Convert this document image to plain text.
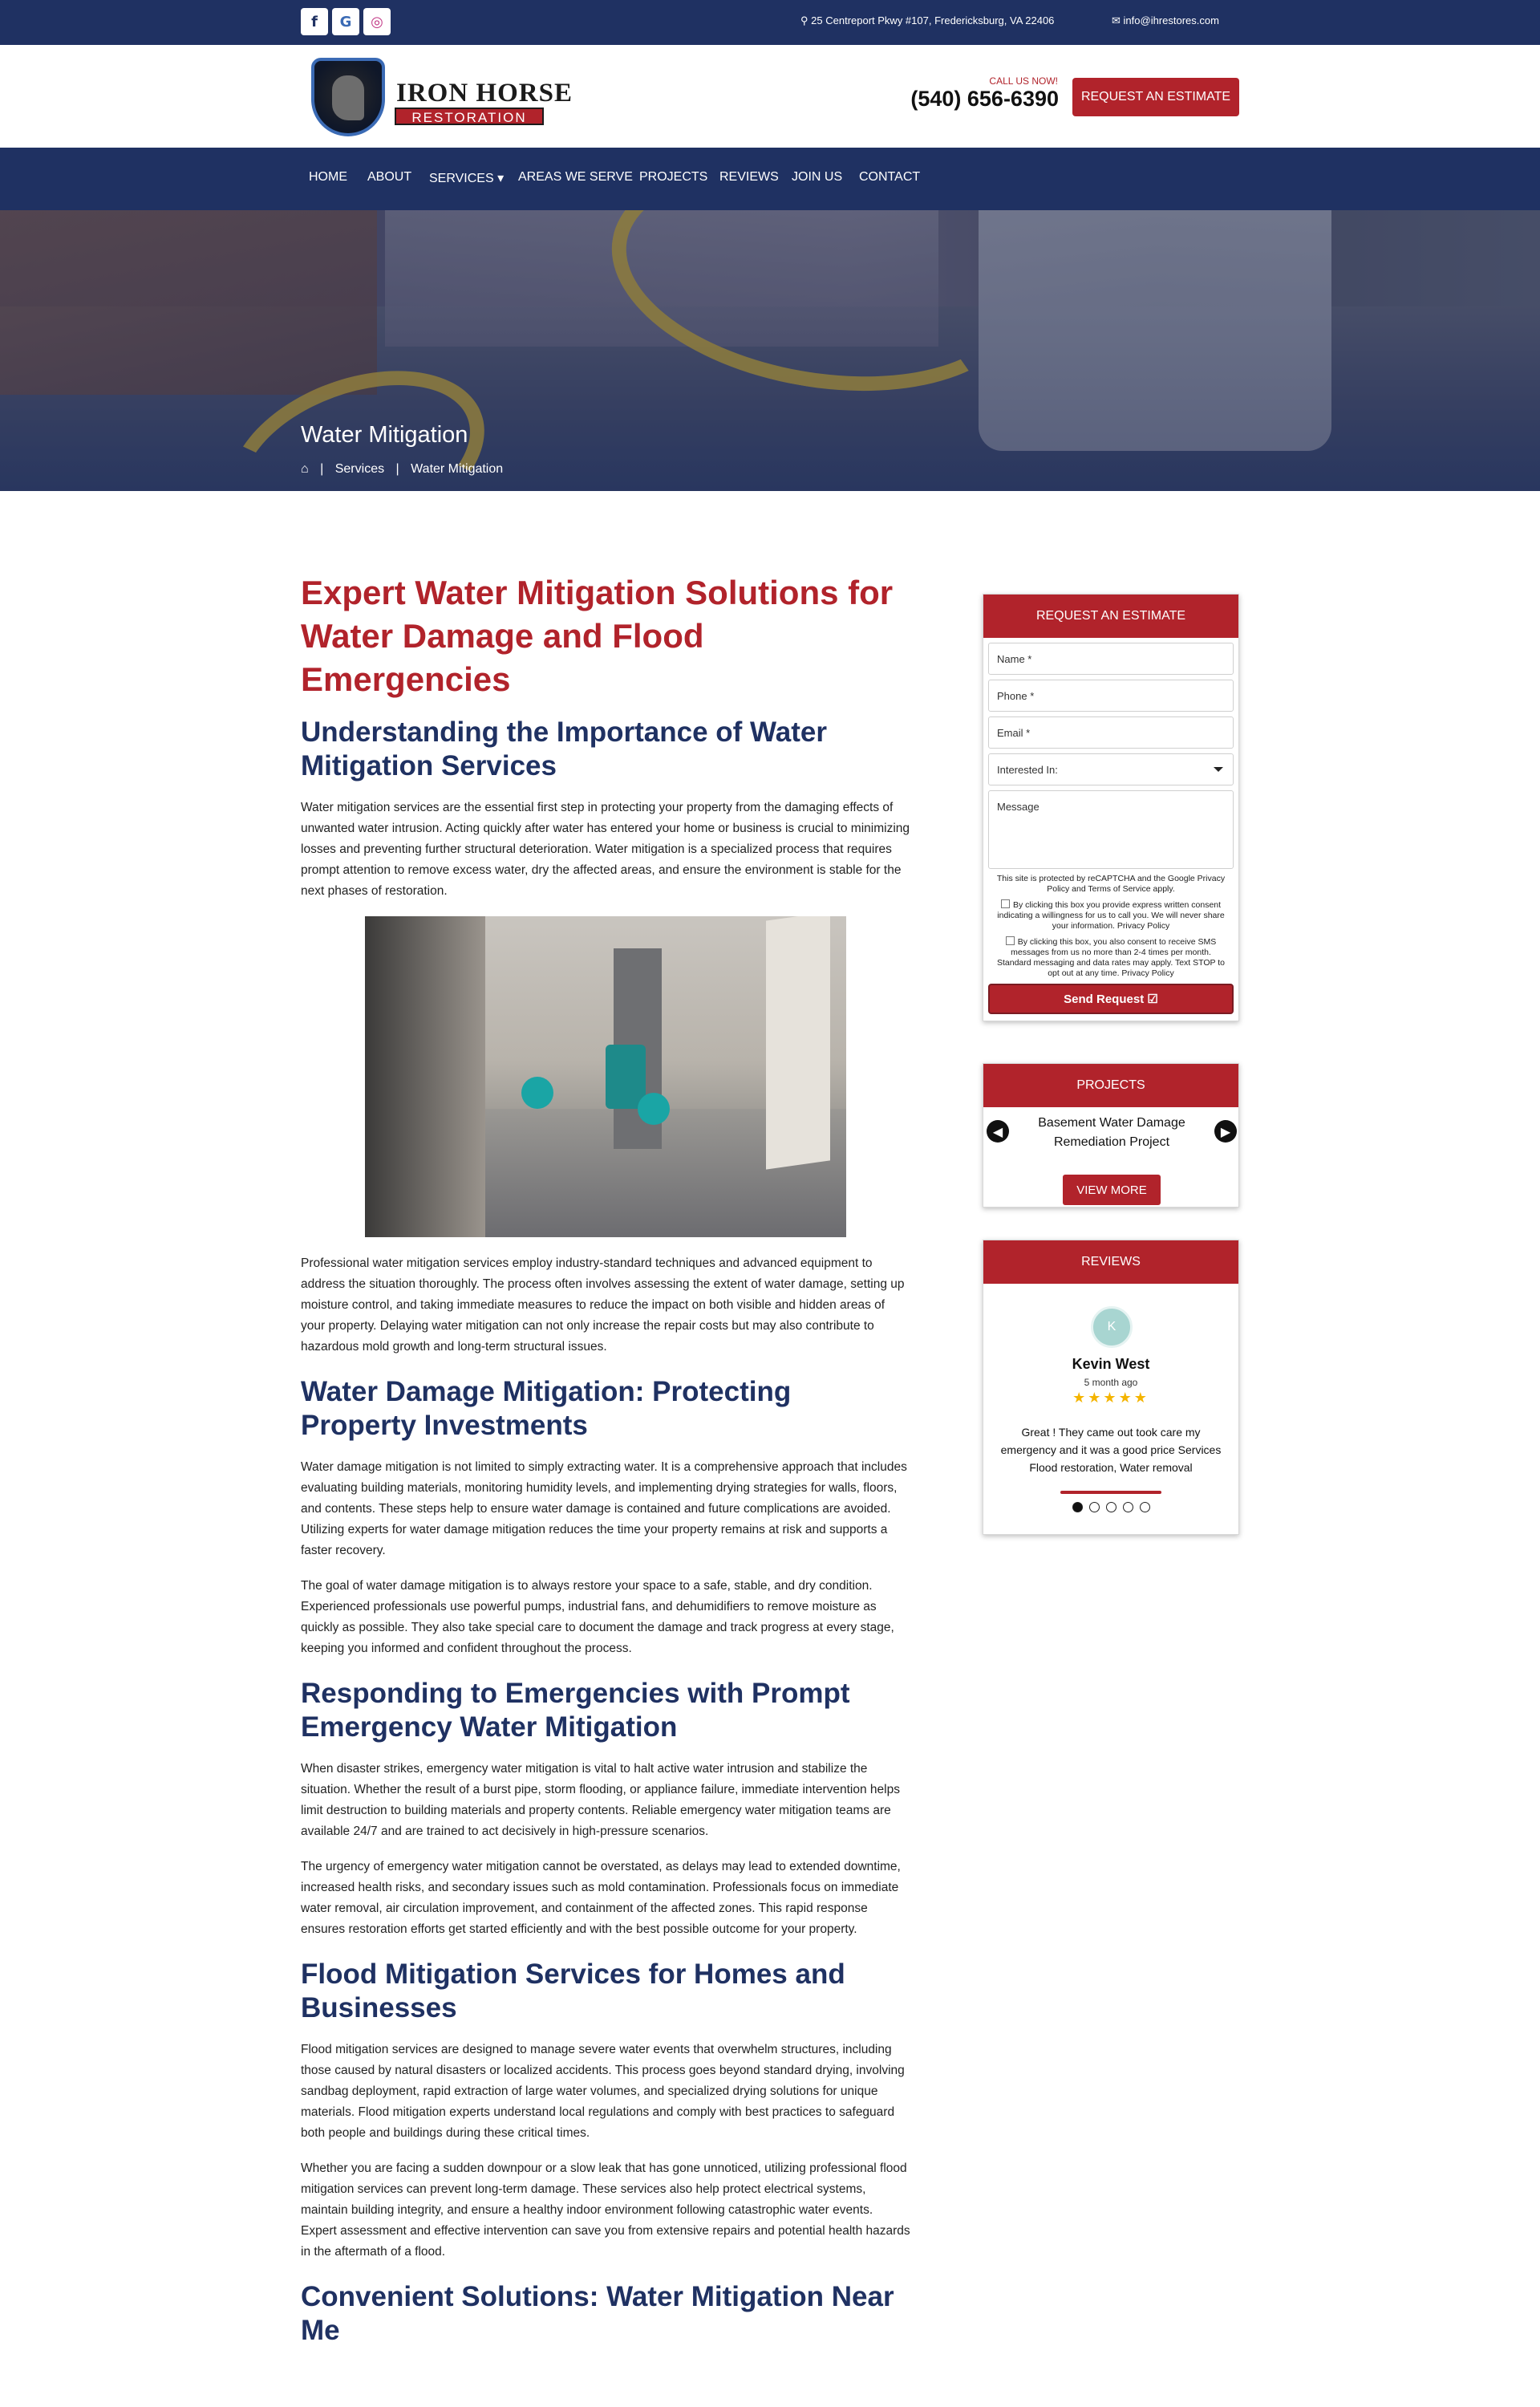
f G ◎	⚲ 25 Centreport Pkwy #107, Fredericksburg, VA 22406	✉ info@ihrestores.com
IRON HORSE
RESTORATION
CALL US NOW!
(540) 656-6390	REQUEST AN ESTIMATE
HOME ABOUT SERVICES ▾ AREAS WE SERVE PROJECTS REVIEWS JOIN US CONTACT
Water Mitigation
⌂ | Services | Water Mitigation
Expert Water Mitigation Solutions for Water Damage and Flood Emergencies
Understanding the Importance of Water Mitigation Services

Water mitigation services are the essential first step in protecting your property from the damaging effects of unwanted water intrusion. Acting quickly after water has entered your home or business is crucial to minimizing losses and preventing further structural deterioration. Water mitigation is a specialized process that requires prompt attention to remove excess water, dry the affected areas, and ensure the environment is stable for the next phases of restoration.

Professional water mitigation services employ industry-standard techniques and advanced equipment to address the situation thoroughly. The process often involves assessing the extent of water damage, setting up moisture control, and taking immediate measures to reduce the impact on both visible and hidden areas of your property. Delaying water mitigation can not only increase the repair costs but may also contribute to hazardous mold growth and long-term structural issues.

Water Damage Mitigation: Protecting Property Investments

Water damage mitigation is not limited to simply extracting water. It is a comprehensive approach that includes evaluating building materials, monitoring humidity levels, and implementing drying strategies for walls, floors, and contents. These steps help to ensure water damage is contained and future complications are avoided. Utilizing experts for water damage mitigation reduces the time your property remains at risk and supports a faster recovery.

The goal of water damage mitigation is to always restore your space to a safe, stable, and dry condition. Experienced professionals use powerful pumps, industrial fans, and dehumidifiers to remove moisture as quickly as possible. They also take special care to document the damage and track progress at every stage, keeping you informed and confident throughout the process.

Responding to Emergencies with Prompt Emergency Water Mitigation

When disaster strikes, emergency water mitigation is vital to halt active water intrusion and stabilize the situation. Whether the result of a burst pipe, storm flooding, or appliance failure, immediate intervention helps limit destruction to building materials and property contents. Reliable emergency water mitigation teams are available 24/7 and are trained to act decisively in high-pressure scenarios.

The urgency of emergency water mitigation cannot be overstated, as delays may lead to extended downtime, increased health risks, and secondary issues such as mold contamination. Professionals focus on immediate water removal, air circulation improvement, and containment of the affected zones. This rapid response ensures restoration efforts get started efficiently and with the best possible outcome for your property.

Flood Mitigation Services for Homes and Businesses

Flood mitigation services are designed to manage severe water events that overwhelm structures, including those caused by natural disasters or localized accidents. This process goes beyond standard drying, involving sandbag deployment, rapid extraction of large water volumes, and specialized drying solutions for unique materials. Flood mitigation experts understand local regulations and comply with best practices to safeguard both people and buildings during these critical times.

Whether you are facing a sudden downpour or a slow leak that has gone unnoticed, utilizing professional flood mitigation services can prevent long-term damage. These services also help protect electrical systems, maintain building integrity, and ensure a healthy indoor environment following catastrophic water events. Expert assessment and effective intervention can save you from extensive repairs and potential health hazards in the aftermath of a flood.

Convenient Solutions: Water Mitigation Near Me
REQUEST AN ESTIMATE
Name *
Phone *
Email *
Interested In:
Message
This site is protected by reCAPTCHA and the Google Privacy Policy and Terms of Service apply.
By clicking this box you provide express written consent indicating a willingness for us to call you. We will never share your information. Privacy Policy
By clicking this box, you also consent to receive SMS messages from us no more than 2-4 times per month. Standard messaging and data rates may apply. Text STOP to opt out at any time. Privacy Policy
Send Request ☑
PROJECTS
◀
Basement Water Damage Remediation Project
▶
VIEW MORE
REVIEWS
K
Kevin West
5 month ago
★★★★★
Great ! They came out took care my emergency and it was a good price Services Flood restoration, Water removal
